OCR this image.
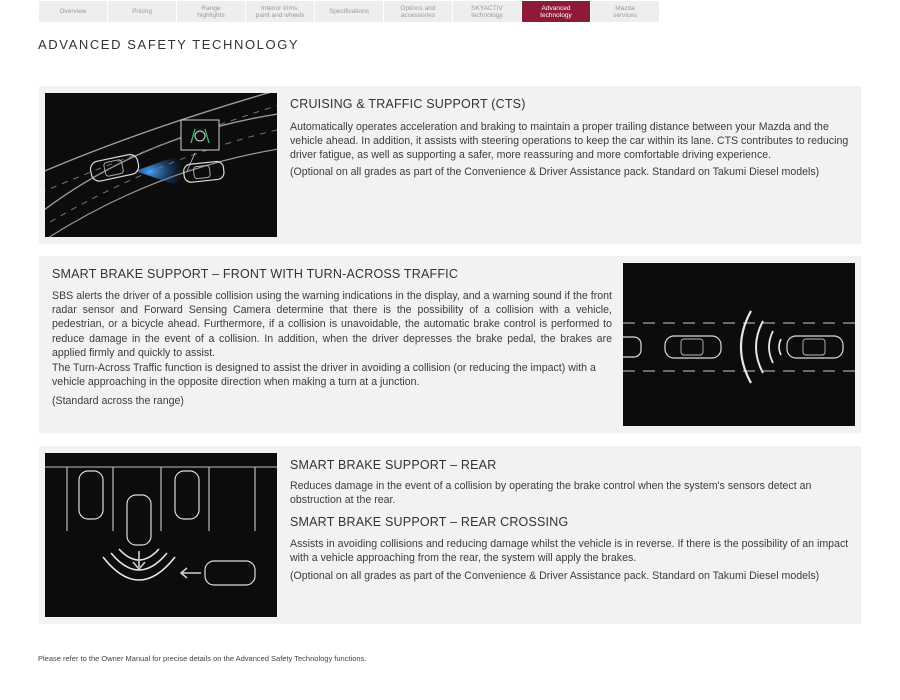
Overview	Pricing	Range
highlights
Interior trims,
paint and wheels	Specifications	Options and
accessories
SKYACTIV
technology
Advanced
technology
Mazda
services
ADVANCED SAFETY TECHNOLOGY
CRUISING & TRAFFIC SUPPORT (CTS)
Automatically operates acceleration and braking to maintain a proper trailing distance between your Mazda and the vehicle ahead. In addition, it assists with steering operations to keep the car within its lane. CTS contributes to reducing driver fatigue, as well as supporting a safer, more reassuring and more comfortable driving experience.
(Optional on all grades as part of the Convenience & Driver Assistance pack. Standard on Takumi Diesel models)
SMART BRAKE SUPPORT – FRONT WITH TURN-ACROSS TRAFFIC
SBS alerts the driver of a possible collision using the warning indications in the display, and a warning sound if the front radar sensor and Forward Sensing Camera determine that there is the possibility of a collision with a vehicle, pedestrian, or a bicycle ahead. Furthermore, if a collision is unavoidable, the automatic brake control is performed to reduce damage in the event of a collision. In addition, when the driver depresses the brake pedal, the brakes are applied firmly and quickly to assist.
The Turn-Across Traffic function is designed to assist the driver in avoiding a collision (or reducing the impact) with a vehicle approaching in the opposite direction when making a turn at a junction.
(Standard across the range)
SMART BRAKE SUPPORT – REAR
Reduces damage in the event of a collision by operating the brake control when the system's sensors detect an obstruction at the rear.
SMART BRAKE SUPPORT – REAR CROSSING
Assists in avoiding collisions and reducing damage whilst the vehicle is in reverse. If there is the possibility of an impact with a vehicle approaching from the rear, the system will apply the brakes.
(Optional on all grades as part of the Convenience & Driver Assistance pack. Standard on Takumi Diesel models)
Please refer to the Owner Manual for precise details on the Advanced Safety Technology functions.
